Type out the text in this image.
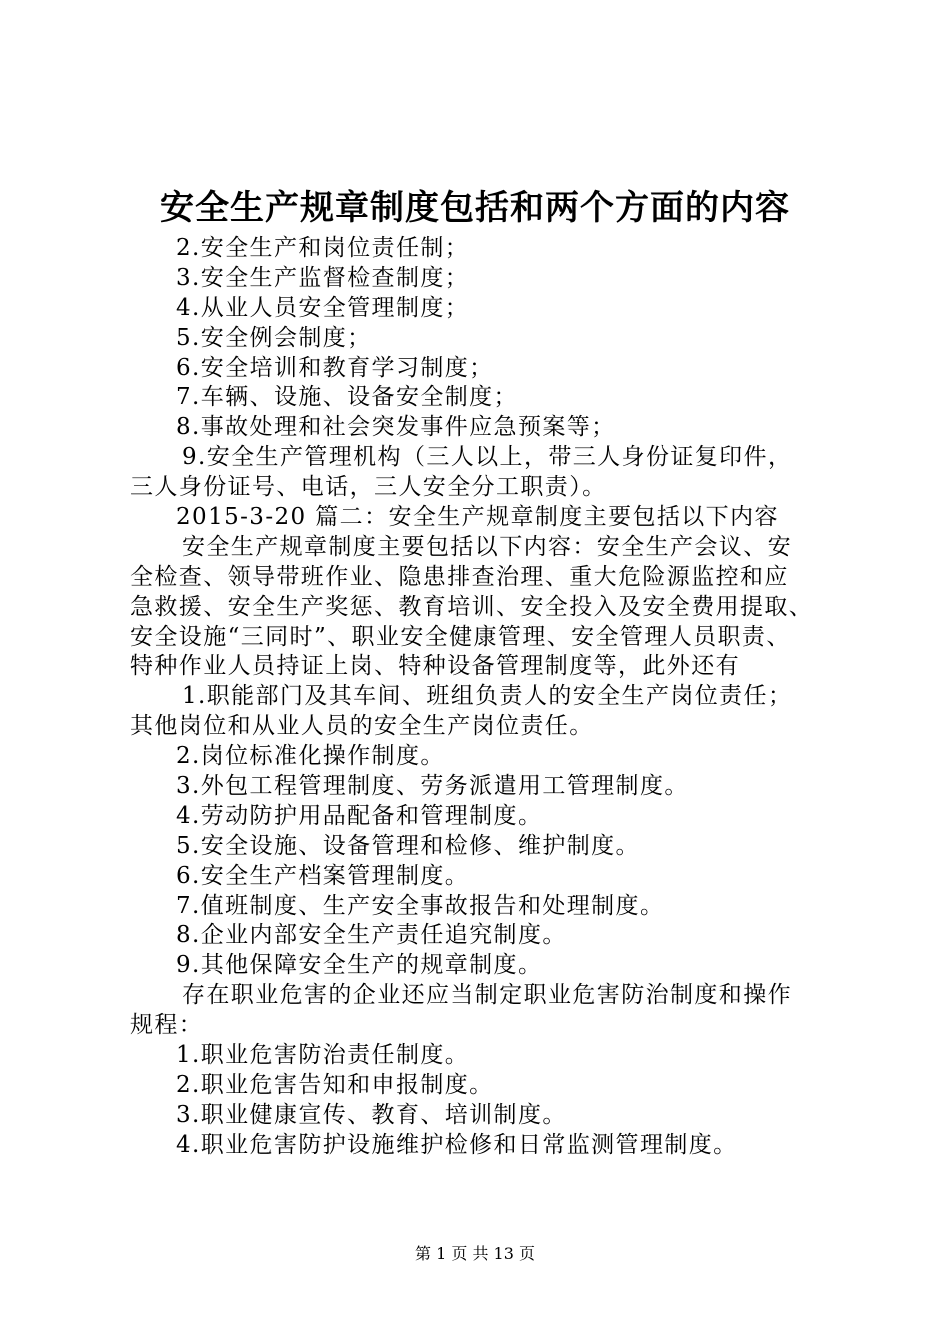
安全生产规章制度包括和两个方面的内容
2.安全生产和岗位责任制；
3.安全生产监督检查制度；
4.从业人员安全管理制度；
5.安全例会制度；
6.安全培训和教育学习制度；
7.车辆、设施、设备安全制度；
8.事故处理和社会突发事件应急预案等；
9.安全生产管理机构（三人以上，带三人身份证复印件，
三人身份证号、电话，三人安全分工职责）。
2015-3-20 篇二：安全生产规章制度主要包括以下内容
安全生产规章制度主要包括以下内容：安全生产会议、安
全检查、领导带班作业、隐患排查治理、重大危险源监控和应
急救援、安全生产奖惩、教育培训、安全投入及安全费用提取、
安全设施“三同时”、职业安全健康管理、安全管理人员职责、
特种作业人员持证上岗、特种设备管理制度等，此外还有
1.职能部门及其车间、班组负责人的安全生产岗位责任；
其他岗位和从业人员的安全生产岗位责任。
2.岗位标准化操作制度。
3.外包工程管理制度、劳务派遣用工管理制度。
4.劳动防护用品配备和管理制度。
5.安全设施、设备管理和检修、维护制度。
6.安全生产档案管理制度。
7.值班制度、生产安全事故报告和处理制度。
8.企业内部安全生产责任追究制度。
9.其他保障安全生产的规章制度。
存在职业危害的企业还应当制定职业危害防治制度和操作
规程：
1.职业危害防治责任制度。
2.职业危害告知和申报制度。
3.职业健康宣传、教育、培训制度。
4.职业危害防护设施维护检修和日常监测管理制度。
第 1 页 共 13 页
